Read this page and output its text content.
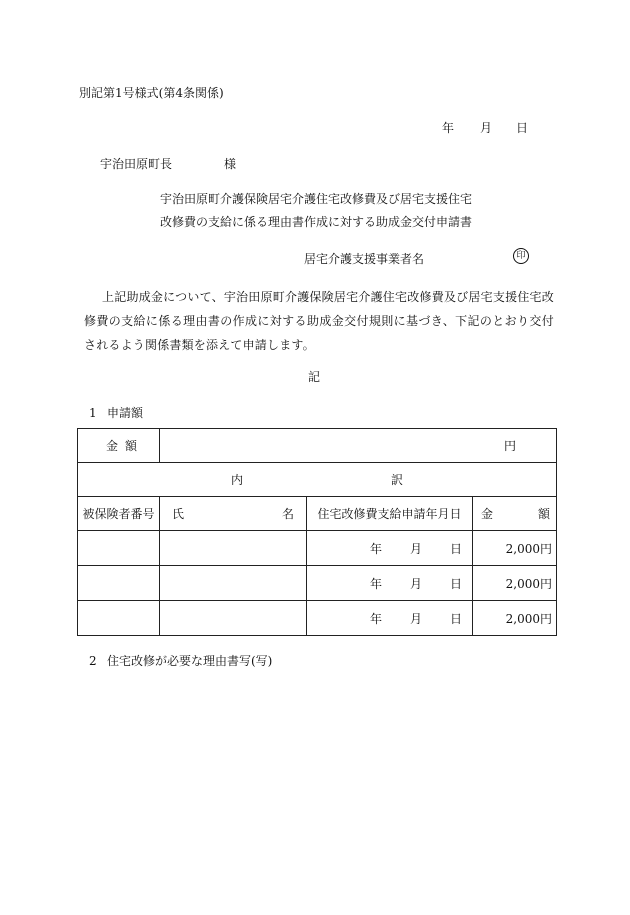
別記第1号様式(第4条関係)
年 月 日
宇治田原町長	様
宇治田原町介護保険居宅介護住宅改修費及び居宅支援住宅
改修費の支給に係る理由書作成に対する助成金交付申請書
居宅介護支援事業者名	印
上記助成金について、宇治田原町介護保険居宅介護住宅改修費及び居宅支援住宅改修費の支給に係る理由書の作成に対する助成金交付規則に基づき、下記のとおり交付されるよう関係書類を添えて申請します。
記
1 申請額
金 額	円		

内 訳			

被保険者番号	氏 名	住宅改修費支給申請年月日	金 額

		年 月 日	2,000円

		年 月 日	2,000円

		年 月 日	2,000円
2 住宅改修が必要な理由書写(写)
